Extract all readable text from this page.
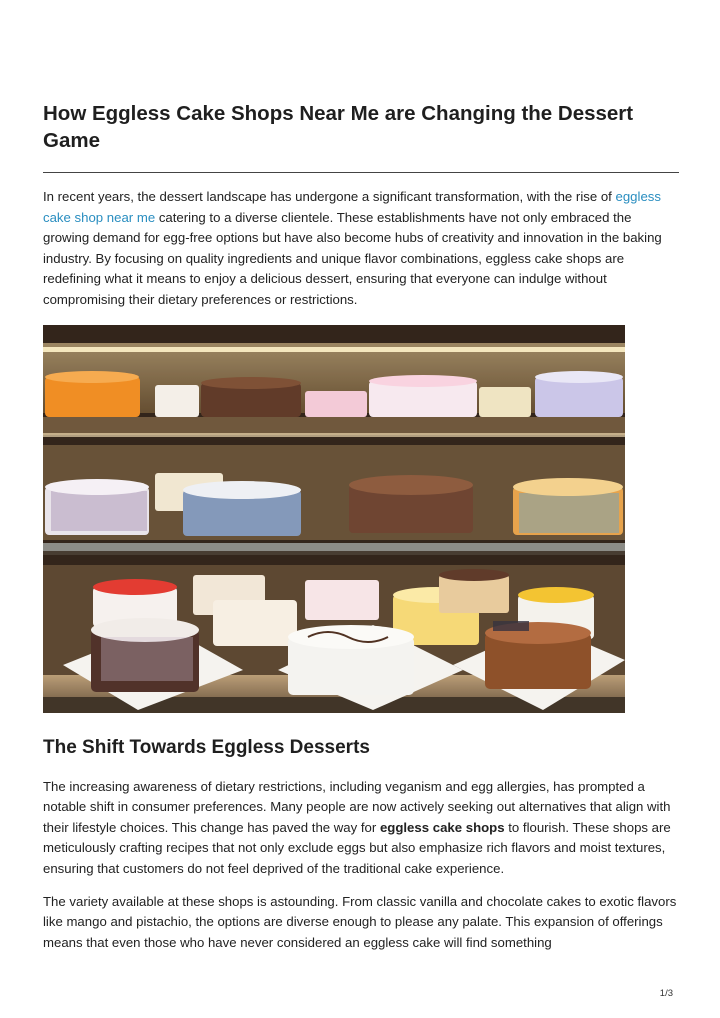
How Eggless Cake Shops Near Me are Changing the Dessert Game

In recent years, the dessert landscape has undergone a significant transformation, with the rise of eggless cake shop near me catering to a diverse clientele. These establishments have not only embraced the growing demand for egg-free options but have also become hubs of creativity and innovation in the baking industry. By focusing on quality ingredients and unique flavor combinations, eggless cake shops are redefining what it means to enjoy a delicious dessert, ensuring that everyone can indulge without compromising their dietary preferences or restrictions.

The Shift Towards Eggless Desserts

The increasing awareness of dietary restrictions, including veganism and egg allergies, has prompted a notable shift in consumer preferences. Many people are now actively seeking out alternatives that align with their lifestyle choices. This change has paved the way for eggless cake shops to flourish. These shops are meticulously crafting recipes that not only exclude eggs but also emphasize rich flavors and moist textures, ensuring that customers do not feel deprived of the traditional cake experience.

The variety available at these shops is astounding. From classic vanilla and chocolate cakes to exotic flavors like mango and pistachio, the options are diverse enough to please any palate. This expansion of offerings means that even those who have never considered an eggless cake will find something

1/3
